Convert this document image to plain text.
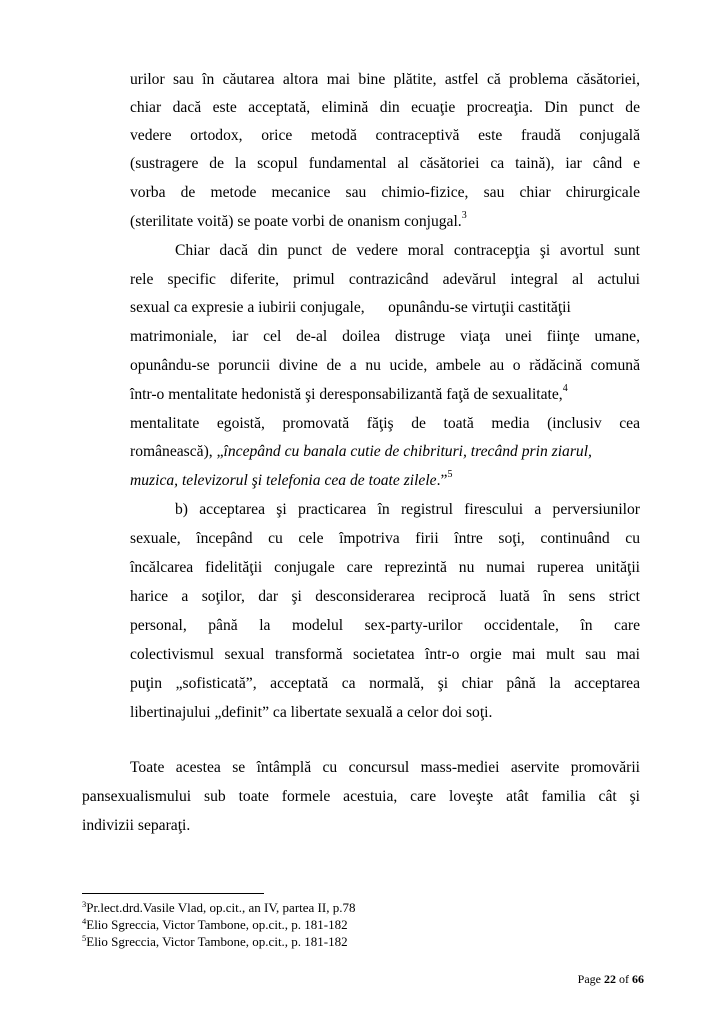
urilor sau în căutarea altora mai bine plătite, astfel că problema căsătoriei,
chiar dacă este acceptată, elimină din ecuaţie procreaţia. Din punct de
vedere ortodox, orice metodă contraceptivă este fraudă conjugală
(sustragere de la scopul fundamental al căsătoriei ca taină), iar când e
vorba de metode mecanice sau chimio-fizice, sau chiar chirurgicale
(sterilitate voită) se poate vorbi de onanism conjugal.$^3$
Chiar dacă din punct de vedere moral contracepţia şi avortul sunt
rele specific diferite, primul contrazicând adevărul integral al actului
sexual ca expresie a iubirii conjugale,      opunându-se virtuţii castităţii
matrimoniale, iar cel de-al doilea distruge viaţa unei fiinţe umane,
opunându-se poruncii divine de a nu ucide, ambele au o rădăcină comună
într-o mentalitate hedonistă şi deresponsabilizantă faţă de sexualitate,$^4$
mentalitate egoistă, promovată făţiş de toată media (inclusiv cea
românească), „începând cu banala cutie de chibrituri, trecând prin ziarul,
muzica, televizorul şi telefonia cea de toate zilele.”$^5$
b) acceptarea şi practicarea în registrul firescului a perversiunilor
sexuale, începând cu cele împotriva firii între soţi, continuând cu
încălcarea fidelităţii conjugale care reprezintă nu numai ruperea unităţii
harice a soţilor, dar şi desconsiderarea reciprocă luată în sens strict
personal, până la modelul sex-party-urilor occidentale, în care
colectivismul sexual transformă societatea într-o orgie mai mult sau mai
puţin „sofisticată”, acceptată ca normală, şi chiar până la acceptarea
libertinajului „definit” ca libertate sexuală a celor doi soţi.
Toate acestea se întâmplă cu concursul mass-mediei aservite promovării
pansexualismului sub toate formele acestuia, care loveşte atât familia cât şi
indivizii separaţi.
$^3$Pr.lect.drd.Vasile Vlad, op.cit., an IV, partea II, p.78
$^4$Elio Sgreccia, Victor Tambone, op.cit., p. 181-182
$^5$Elio Sgreccia, Victor Tambone, op.cit., p. 181-182
Page 22 of 66
